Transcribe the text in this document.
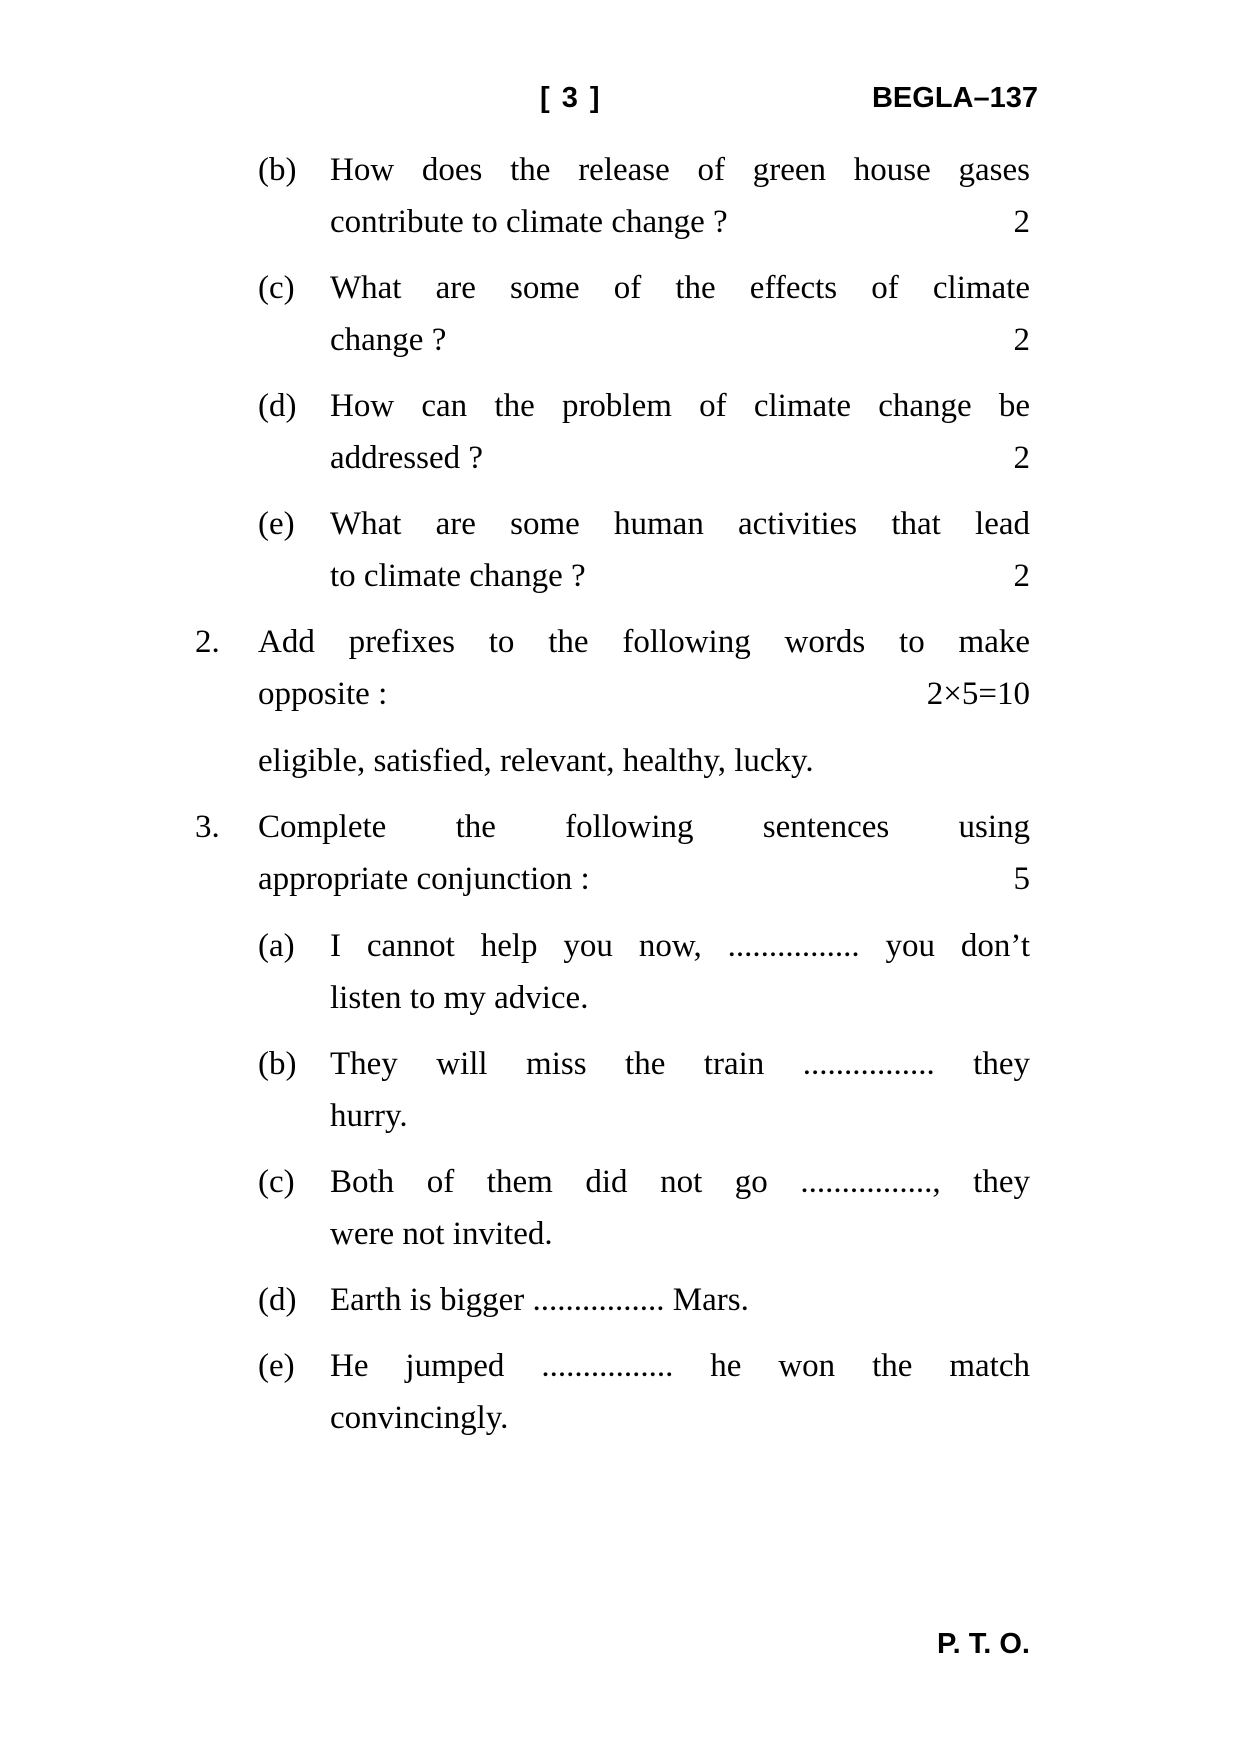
[ 3 ]	BEGLA–137
(b)	How does the release of green house gases
contribute to climate change ?	2
(c)	What are some of the effects of climate
change ?	2
(d)	How can the problem of climate change be
addressed ?	2
(e)	What are some human activities that lead
to climate change ?	2
2.	Add prefixes to the following words to make
opposite :	2×5=10
eligible, satisfied, relevant, healthy, lucky.
3.	Complete the following sentences using
appropriate conjunction :	5
(a)	I cannot help you now, ................ you don’t
listen to my advice.
(b)	They will miss the train ................ they
hurry.
(c)	Both of them did not go ................, they
were not invited.
(d)	Earth is bigger ................ Mars.
(e)	He jumped ................ he won the match
convincingly.
P. T. O.
